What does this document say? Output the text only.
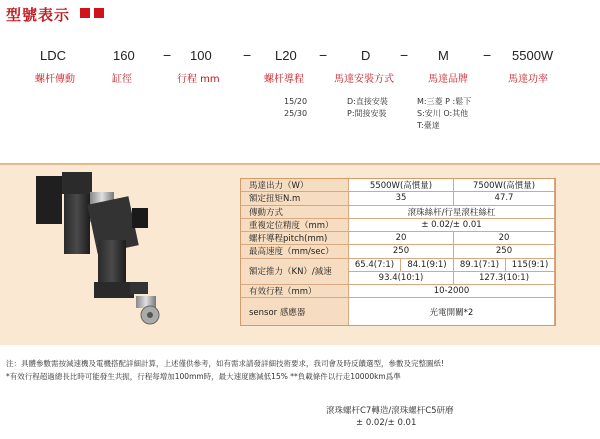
型號表示
LDC	160 − 100 − L20 −	D − M − 5500W
螺杆傳動	缸徑	行程 mm	螺杆導程	馬達安裝方式	馬達品牌	馬達功率
15/20
25/30
D:直接安裝
P:間接安裝
M:三菱 P :鬆下
S:安川 O:其他
T:臺達
馬達出力（W）	5500W(高慣量)	7500W(高慣量)
額定扭矩N.m	35	47.7
傳動方式	滾珠絲杆/行星滾柱絲杠
重複定位精度（mm）	± 0.02/± 0.01
螺杆導程pitch(mm)	20	20
最高速度（mm/sec）	250	250
額定推力（KN）/減速
65.4(7:1)	84.1(9:1)	89.1(7:1)	115(9:1)
93.4(10:1)	127.3(10:1)
有效行程（mm）	10-2000
sensor 感應器	光電開關*2
注：具體參數需按減速機及電機搭配詳細計算，上述僅供參考，如有需求請發詳細技術要求，我司會及時反饋選型，參數及完整圖紙!
*有效行程超過總長比時可能發生共振，行程每增加100mm時，最大速度應減低15% **負載條件以行走10000km爲準
滾珠螺杆C7轉造/滾珠螺杆C5研磨
± 0.02/± 0.01
